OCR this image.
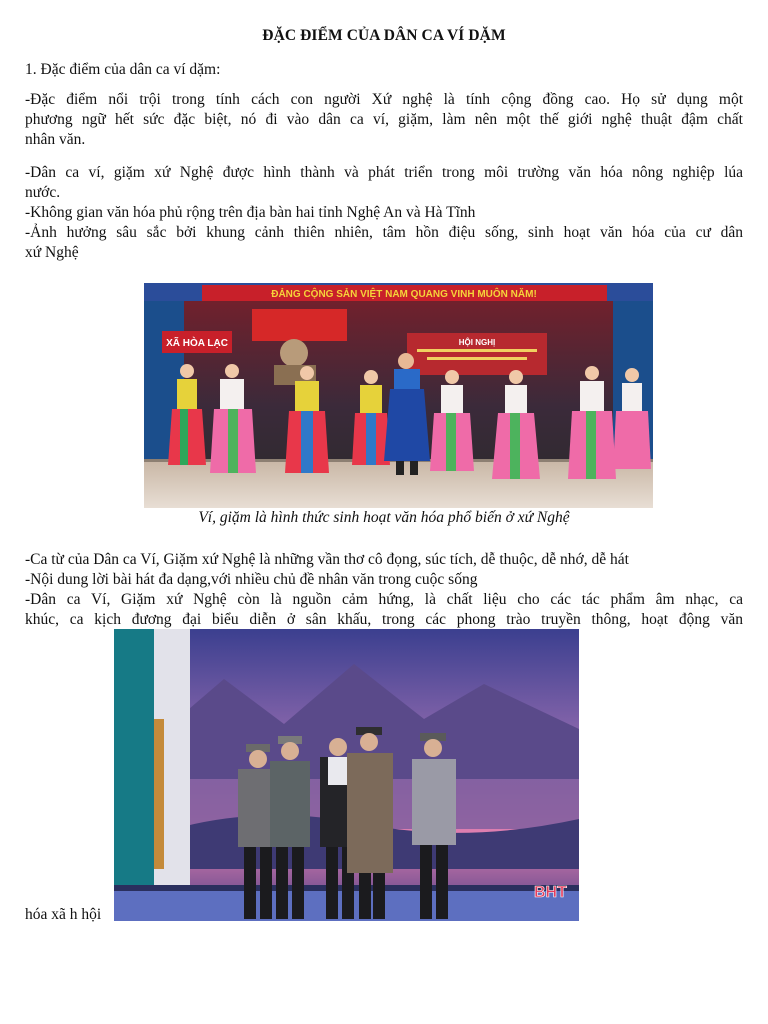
ĐẶC ĐIỂM CỦA DÂN CA VÍ DẶM
1. Đặc điểm của dân ca ví dặm:
-Đặc điểm nổi trội trong tính cách con người Xứ nghệ là tính cộng đồng cao. Họ sử dụng một
phương ngữ hết sức đặc biệt, nó đi vào dân ca ví, giặm, làm nên một thế giới nghệ thuật đậm chất
nhân văn.
-Dân ca ví, giặm xứ Nghệ được hình thành và phát triển trong môi trường văn hóa nông nghiệp lúa
nước.
-Không gian văn hóa phủ rộng trên địa bàn hai tỉnh Nghệ An và Hà Tĩnh
-Ảnh hưởng sâu sắc bởi khung cảnh thiên nhiên, tâm hồn điệu sống, sinh hoạt văn hóa của cư dân
xứ Nghệ
ĐẢNG CỘNG SẢN VIỆT NAM QUANG VINH MUÔN NĂM!
XÃ HÒA LẠC	HỘI NGHỊ
Ví, giặm là hình thức sinh hoạt văn hóa phổ biến ở xứ Nghệ
-Ca từ của Dân ca Ví, Giặm xứ Nghệ là những vần thơ cô đọng, súc tích, dễ thuộc, dễ nhớ, dễ hát
-Nội dung lời bài hát đa dạng,với nhiều chủ đề nhân văn trong cuộc sống
-Dân ca Ví, Giặm xứ Nghệ còn là nguồn cảm hứng, là chất liệu cho các tác phẩm âm nhạc, ca
khúc, ca kịch đương đại biểu diễn ở sân khấu, trong các phong trào truyền thông, hoạt động văn
BHT
hóa xã h hội
